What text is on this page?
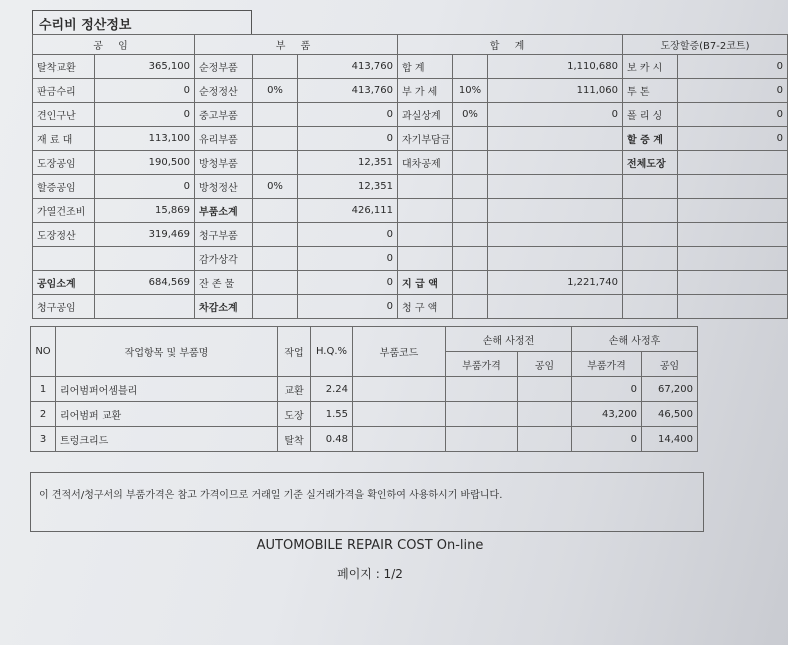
수리비 정산정보
공 임		부 품			합 계			도장할증(B7-2코트)	
탈착교환	365,100	순정부품		413,760	합 계		1,110,680	보 카 시	0
판금수리	0	순정정산	0%	413,760	부 가 세	10%	111,060	투 톤	0
견인구난	0	중고부품		0	과실상계	0%	0	폴 리 싱	0
재 료 대	113,100	유리부품		0	자기부담금			할 증 계	0
도장공임	190,500	방청부품		12,351	대차공제			전체도장	
할증공임	0	방청정산	0%	12,351					
가열건조비	15,869	부품소계		426,111					
도장정산	319,469	청구부품		0					
		감가상각		0					
공임소계	684,569	잔 존 물		0	지 급 액		1,221,740		
청구공임		차감소계		0	청 구 액				
NO	작업항목 및 부품명	작업	H.Q.%	부품코드	손해 사정전		손해 사정후	
					부품가격	공임	부품가격	공임
1	리어범퍼어셈블리	교환	2.24				0	67,200
2	리어범퍼 교환	도장	1.55				43,200	46,500
3	트렁크리드	탈착	0.48				0	14,400
이 견적서/청구서의 부품가격은 참고 가격이므로 거래일 기준 실거래가격을 확인하여 사용하시기 바랍니다.
AUTOMOBILE REPAIR COST On-line
페이지 : 1/2
